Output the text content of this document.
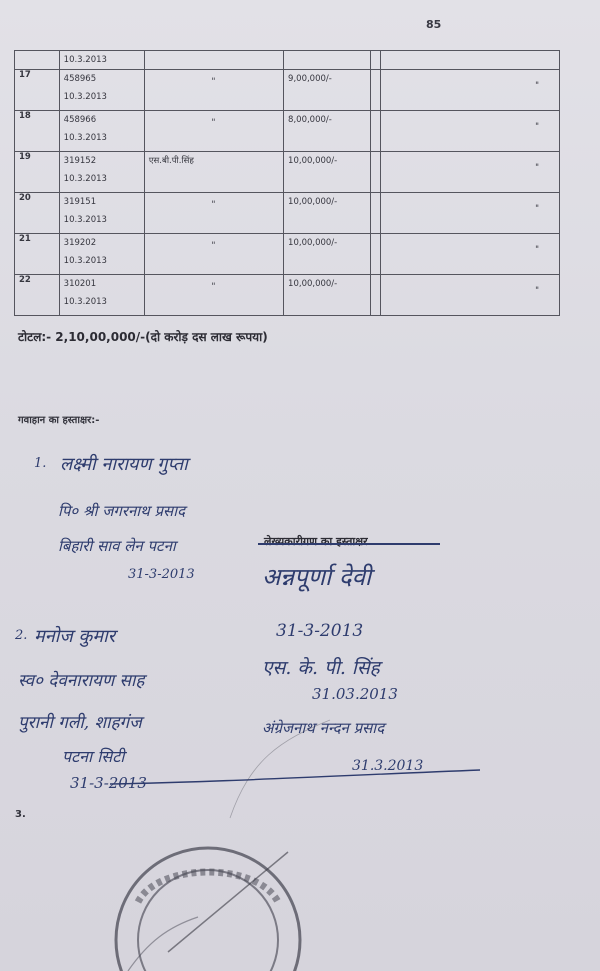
85

	10.3.2013				

17	458965
10.3.2013	"	9,00,000/-		"

18	458966
10.3.2013	"	8,00,000/-		"

19	319152
10.3.2013	एस.बी.पी.सिंह	10,00,000/-		"

20	319151
10.3.2013	"	10,00,000/-		"

21	319202
10.3.2013	"	10,00,000/-		"

22	310201
10.3.2013	"	10,00,000/-		"
टोटल:- 2,10,00,000/-(दो करोड़ दस लाख रूपया)
गवाहान का हस्ताक्षर:-
1. लक्ष्मी नारायण गुप्ता
पि० श्री जगरनाथ प्रसाद
बिहारी साव लेन पटना	लेख्यकारीगण का हस्ताक्षर
31-3-2013	अन्नपूर्णा देवी
2. मनोज कुमार
स्व० देवनारायण साह
पुरानी गली, शाहगंज
पटना सिटी
31-3-2013
31-3-2013
एस. के. पी. सिंह
31.03.2013
अंग्रेजनाथ नन्दन प्रसाद
31.3.2013
3.
